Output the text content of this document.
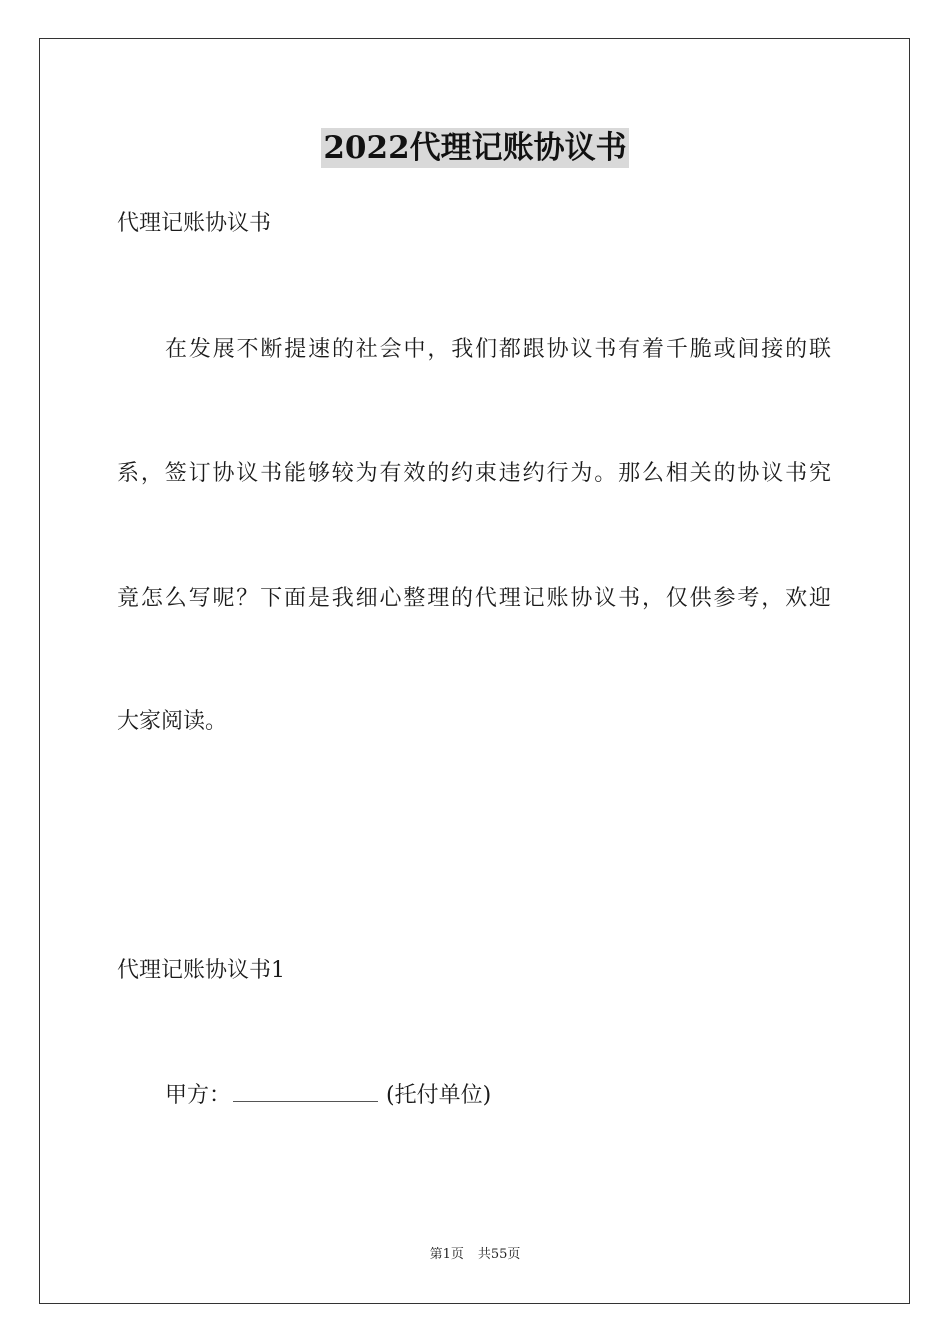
2022代理记账协议书
代理记账协议书
在发展不断提速的社会中，我们都跟协议书有着千脆或间接的联
系，签订协议书能够较为有效的约束违约行为。那么相关的协议书究
竟怎么写呢？下面是我细心整理的代理记账协议书，仅供参考，欢迎
大家阅读。
代理记账协议书1
甲方：	(托付单位)
第1页 共55页
